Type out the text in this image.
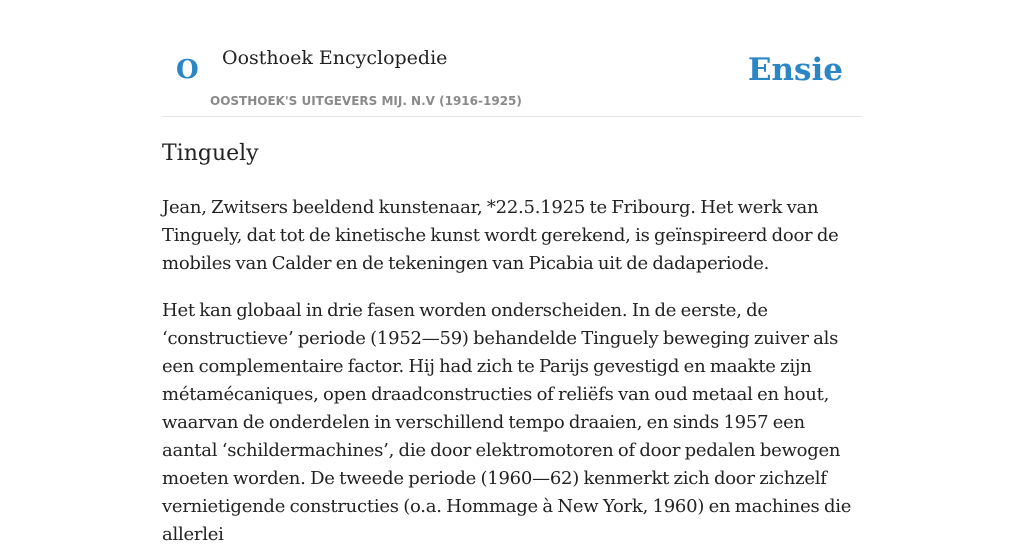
O Oosthoek Encyclopedie
OOSTHOEK'S UITGEVERS MIJ. N.V (1916-1925)
Ensie
Tinguely

Jean, Zwitsers beeldend kunstenaar, *22.5.1925 te Fribourg. Het werk van Tinguely, dat tot de kinetische kunst wordt gerekend, is geïnspireerd door de mobiles van Calder en de tekeningen van Picabia uit de dadaperiode.

Het kan globaal in drie fasen worden onderscheiden. In de eerste, de ‘constructieve’ periode (1952—59) behandelde Tinguely beweging zuiver als een complementaire factor. Hij had zich te Parijs gevestigd en maakte zijn métamécaniques, open draadconstructies of reliëfs van oud metaal en hout, waarvan de onderdelen in verschillend tempo draaien, en sinds 1957 een aantal ‘schildermachines’, die door elektromotoren of door pedalen bewogen moeten worden. De tweede periode (1960—62) kenmerkt zich door zichzelf vernietigende constructies (o.a. Hommage à New York, 1960) en machines die allerlei
